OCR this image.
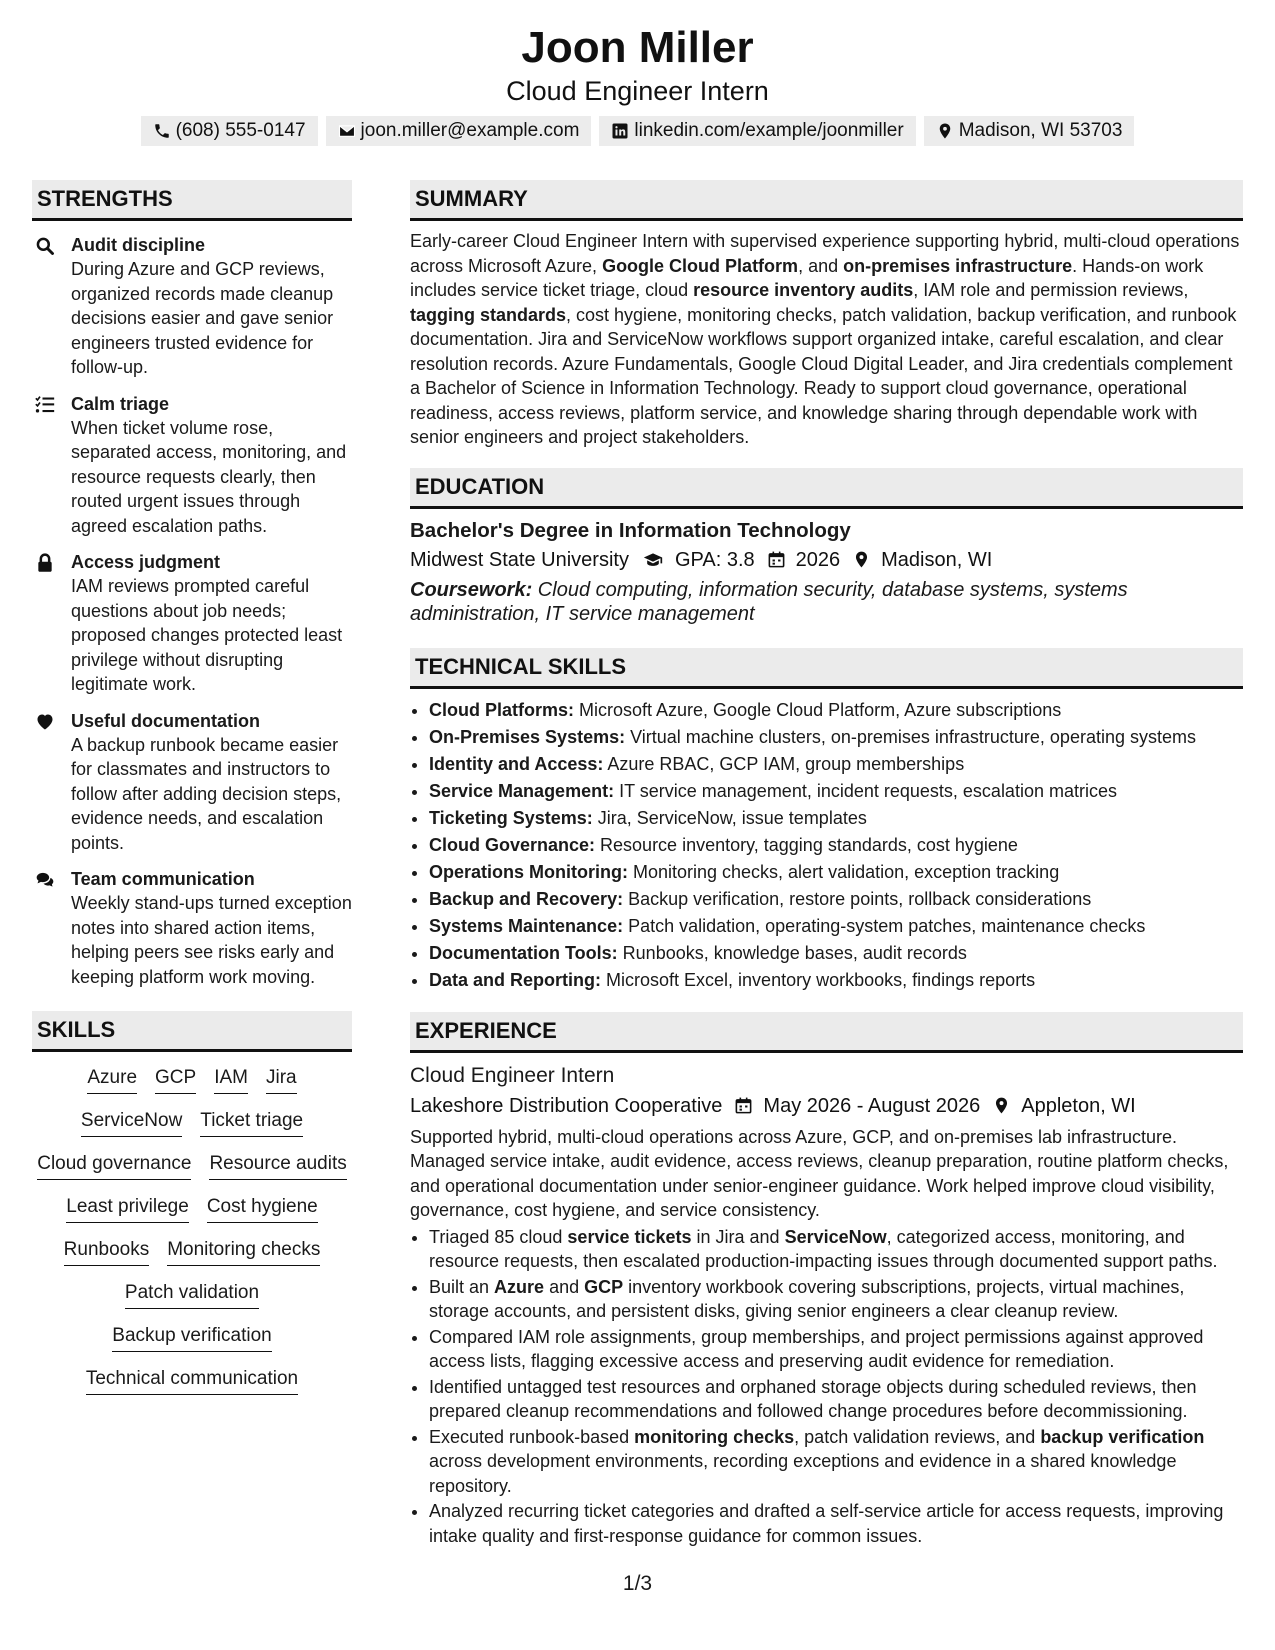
Joon Miller
Cloud Engineer Intern
(608) 555-0147	joon.miller@example.com	linkedin.com/example/joonmiller	Madison, WI 53703
STRENGTHS
Audit discipline
During Azure and GCP reviews, organized records made cleanup decisions easier and gave senior engineers trusted evidence for follow-up.
Calm triage
When ticket volume rose, separated access, monitoring, and resource requests clearly, then routed urgent issues through agreed escalation paths.
Access judgment
IAM reviews prompted careful questions about job needs; proposed changes protected least privilege without disrupting legitimate work.
Useful documentation
A backup runbook became easier for classmates and instructors to follow after adding decision steps, evidence needs, and escalation points.
Team communication
Weekly stand-ups turned exception notes into shared action items, helping peers see risks early and keeping platform work moving.
SKILLS
Azure GCP IAM Jira
ServiceNow Ticket triage
Cloud governance Resource audits
Least privilege Cost hygiene
Runbooks Monitoring checks
Patch validation
Backup verification
Technical communication
SUMMARY
Early-career Cloud Engineer Intern with supervised experience supporting hybrid, multi-cloud operations across Microsoft Azure, Google Cloud Platform, and on-premises infrastructure. Hands-on work includes service ticket triage, cloud resource inventory audits, IAM role and permission reviews, tagging standards, cost hygiene, monitoring checks, patch validation, backup verification, and runbook documentation. Jira and ServiceNow workflows support organized intake, careful escalation, and clear resolution records. Azure Fundamentals, Google Cloud Digital Leader, and Jira credentials complement a Bachelor of Science in Information Technology. Ready to support cloud governance, operational readiness, access reviews, platform service, and knowledge sharing through dependable work with senior engineers and project stakeholders.
EDUCATION
Bachelor's Degree in Information Technology
Midwest State University GPA: 3.8 2026 Madison, WI
Coursework: Cloud computing, information security, database systems, systems administration, IT service management
TECHNICAL SKILLS
• Cloud Platforms: Microsoft Azure, Google Cloud Platform, Azure subscriptions
• On-Premises Systems: Virtual machine clusters, on-premises infrastructure, operating systems
• Identity and Access: Azure RBAC, GCP IAM, group memberships
• Service Management: IT service management, incident requests, escalation matrices
• Ticketing Systems: Jira, ServiceNow, issue templates
• Cloud Governance: Resource inventory, tagging standards, cost hygiene
• Operations Monitoring: Monitoring checks, alert validation, exception tracking
• Backup and Recovery: Backup verification, restore points, rollback considerations
• Systems Maintenance: Patch validation, operating-system patches, maintenance checks
• Documentation Tools: Runbooks, knowledge bases, audit records
• Data and Reporting: Microsoft Excel, inventory workbooks, findings reports
EXPERIENCE
Cloud Engineer Intern
Lakeshore Distribution Cooperative May 2026 - August 2026 Appleton, WI
Supported hybrid, multi-cloud operations across Azure, GCP, and on-premises lab infrastructure. Managed service intake, audit evidence, access reviews, cleanup preparation, routine platform checks, and operational documentation under senior-engineer guidance. Work helped improve cloud visibility, governance, cost hygiene, and service consistency.
• Triaged 85 cloud service tickets in Jira and ServiceNow, categorized access, monitoring, and resource requests, then escalated production-impacting issues through documented support paths.
• Built an Azure and GCP inventory workbook covering subscriptions, projects, virtual machines, storage accounts, and persistent disks, giving senior engineers a clear cleanup review.
• Compared IAM role assignments, group memberships, and project permissions against approved access lists, flagging excessive access and preserving audit evidence for remediation.
• Identified untagged test resources and orphaned storage objects during scheduled reviews, then prepared cleanup recommendations and followed change procedures before decommissioning.
• Executed runbook-based monitoring checks, patch validation reviews, and backup verification across development environments, recording exceptions and evidence in a shared knowledge repository.
• Analyzed recurring ticket categories and drafted a self-service article for access requests, improving intake quality and first-response guidance for common issues.
1/3
